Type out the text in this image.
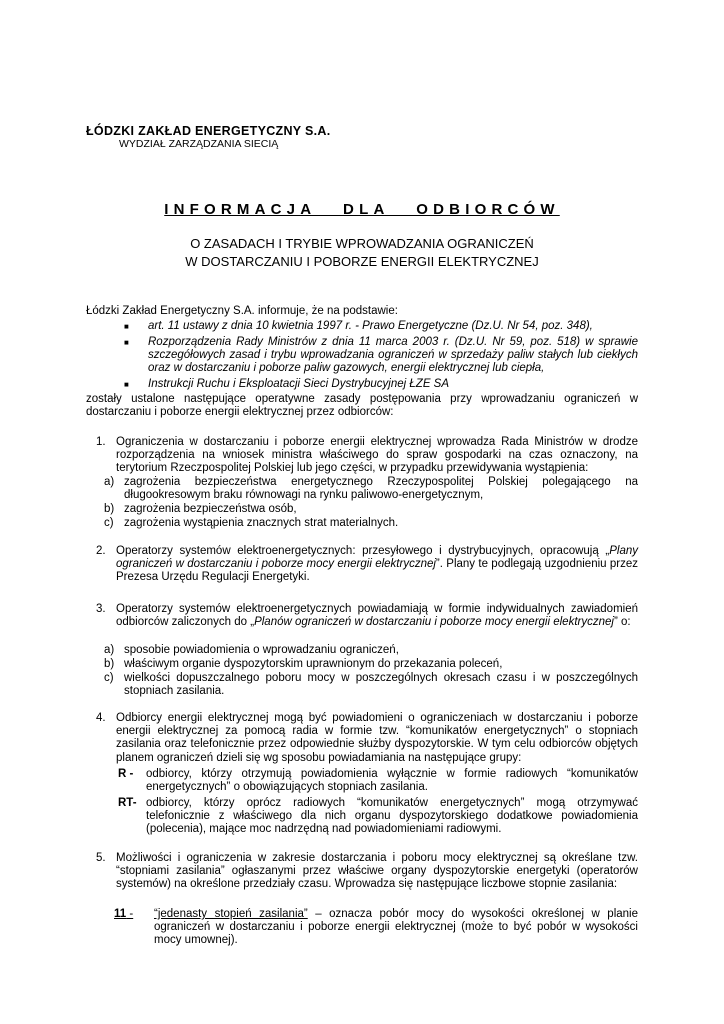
ŁÓDZKI ZAKŁAD ENERGETYCZNY S.A.
WYDZIAŁ ZARZĄDZANIA SIECIĄ
INFORMACJA DLA ODBIORCÓW
O ZASADACH I TRYBIE WPROWADZANIA OGRANICZEŃ
W DOSTARCZANIU I POBORZE ENERGII ELEKTRYCZNEJ
Łódzki Zakład Energetyczny S.A. informuje, że na podstawie:
■ art. 11 ustawy z dnia 10 kwietnia 1997 r. - Prawo Energetyczne (Dz.U. Nr 54, poz. 348),
■ Rozporządzenia Rady Ministrów z dnia 11 marca 2003 r. (Dz.U. Nr 59, poz. 518) w sprawie szczegółowych zasad i trybu wprowadzania ograniczeń w sprzedaży paliw stałych lub ciekłych oraz w dostarczaniu i poborze paliw gazowych, energii elektrycznej lub ciepła,
■ Instrukcji Ruchu i Eksploatacji Sieci Dystrybucyjnej ŁZE SA
zostały ustalone następujące operatywne zasady postępowania przy wprowadzaniu ograniczeń w dostarczaniu i poborze energii elektrycznej przez odbiorców:
1. Ograniczenia w dostarczaniu i poborze energii elektrycznej wprowadza Rada Ministrów w drodze rozporządzenia na wniosek ministra właściwego do spraw gospodarki na czas oznaczony, na terytorium Rzeczpospolitej Polskiej lub jego części, w przypadku przewidywania wystąpienia:
a) zagrożenia bezpieczeństwa energetycznego Rzeczypospolitej Polskiej polegającego na długookresowym braku równowagi na rynku paliwowo-energetycznym,
b) zagrożenia bezpieczeństwa osób,
c) zagrożenia wystąpienia znacznych strat materialnych.
2. Operatorzy systemów elektroenergetycznych: przesyłowego i dystrybucyjnych, opracowują „Plany ograniczeń w dostarczaniu i poborze mocy energii elektrycznej”. Plany te podlegają uzgodnieniu przez Prezesa Urzędu Regulacji Energetyki.
3. Operatorzy systemów elektroenergetycznych powiadamiają w formie indywidualnych zawiadomień odbiorców zaliczonych do „Planów ograniczeń w dostarczaniu i poborze mocy energii elektrycznej” o:
a) sposobie powiadomienia o wprowadzaniu ograniczeń,
b) właściwym organie dyspozytorskim uprawnionym do przekazania poleceń,
c) wielkości dopuszczalnego poboru mocy w poszczególnych okresach czasu i w poszczególnych stopniach zasilania.
4. Odbiorcy energii elektrycznej mogą być powiadomieni o ograniczeniach w dostarczaniu i poborze energii elektrycznej za pomocą radia w formie tzw. “komunikatów energetycznych” o stopniach zasilania oraz telefonicznie przez odpowiednie służby dyspozytorskie. W tym celu odbiorców objętych planem ograniczeń dzieli się wg sposobu powiadamiania na następujące grupy:
R - odbiorcy, którzy otrzymują powiadomienia wyłącznie w formie radiowych “komunikatów energetycznych” o obowiązujących stopniach zasilania.
RT- odbiorcy, którzy oprócz radiowych “komunikatów energetycznych” mogą otrzymywać telefonicznie z właściwego dla nich organu dyspozytorskiego dodatkowe powiadomienia (polecenia), mające moc nadrzędną nad powiadomieniami radiowymi.
5. Możliwości i ograniczenia w zakresie dostarczania i poboru mocy elektrycznej są określane tzw. “stopniami zasilania” ogłaszanymi przez właściwe organy dyspozytorskie energetyki (operatorów systemów) na określone przedziały czasu. Wprowadza się następujące liczbowe stopnie zasilania:
11 - “jedenasty stopień zasilania” – oznacza pobór mocy do wysokości określonej w planie ograniczeń w dostarczaniu i poborze energii elektrycznej (może to być pobór w wysokości mocy umownej).
